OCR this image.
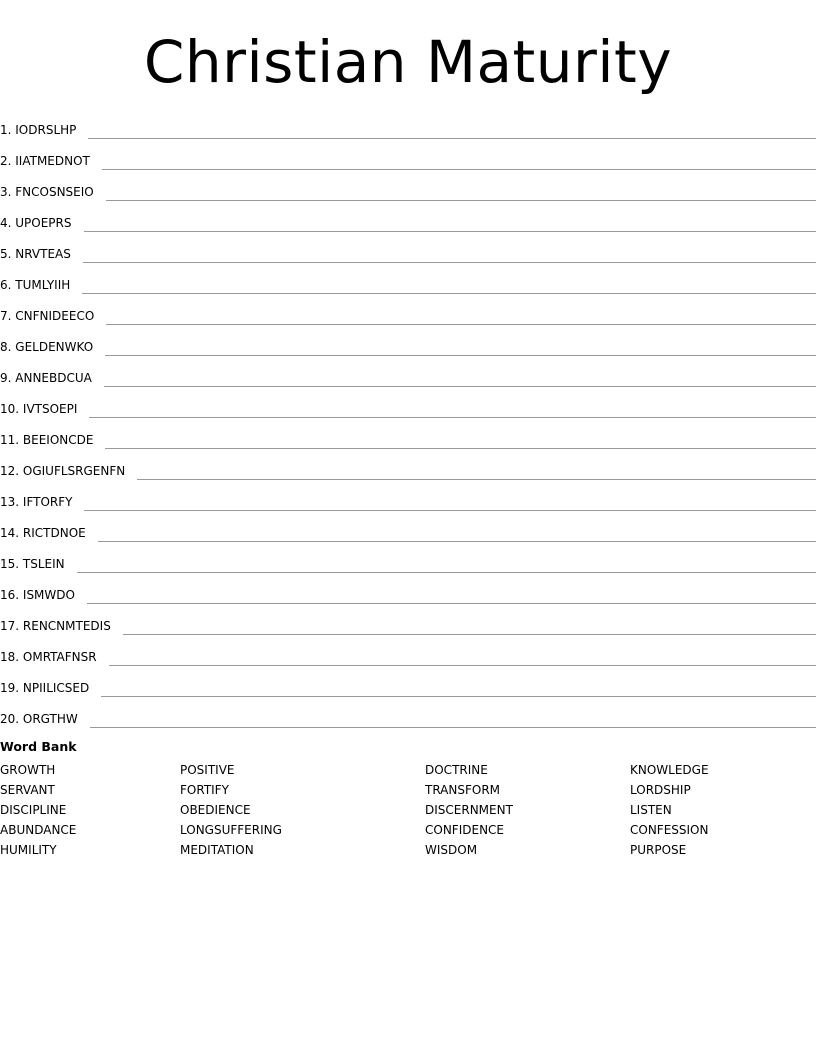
Christian Maturity
1. IODRSLHP
2. IIATMEDNOT
3. FNCOSNSEIO
4. UPOEPRS
5. NRVTEAS
6. TUMLYIIH
7. CNFNIDEECO
8. GELDENWKO
9. ANNEBDCUA
10. IVTSOEPI
11. BEEIONCDE
12. OGIUFLSRGENFN
13. IFTORFY
14. RICTDNOE
15. TSLEIN
16. ISMWDO
17. RENCNMTEDIS
18. OMRTAFNSR
19. NPIILICSED
20. ORGTHW
Word Bank
GROWTH
SERVANT
DISCIPLINE
ABUNDANCE
HUMILITY
POSITIVE
FORTIFY
OBEDIENCE
LONGSUFFERING
MEDITATION
DOCTRINE
TRANSFORM
DISCERNMENT
CONFIDENCE
WISDOM
KNOWLEDGE
LORDSHIP
LISTEN
CONFESSION
PURPOSE
